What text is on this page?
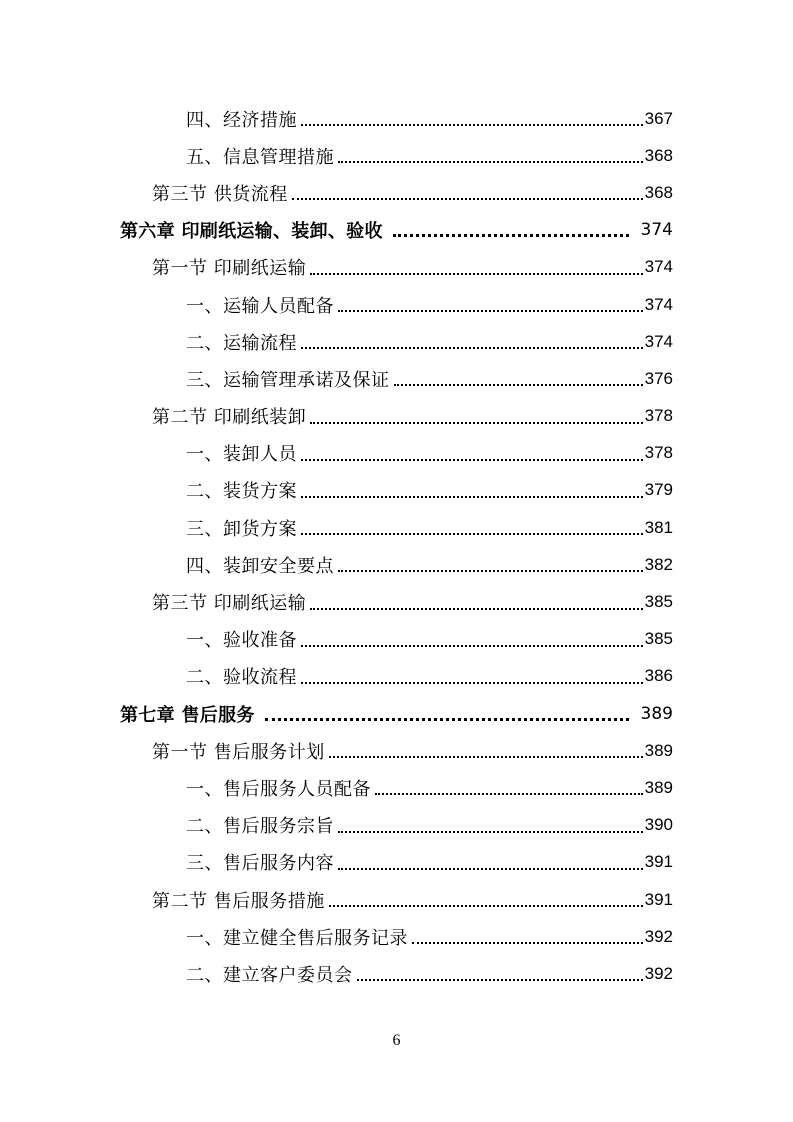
四、经济措施	367
五、信息管理措施	368
第三节 供货流程	368
第六章 印刷纸运输、装卸、验收	374
第一节 印刷纸运输	374
一、运输人员配备	374
二、运输流程	374
三、运输管理承诺及保证	376
第二节 印刷纸装卸	378
一、装卸人员	378
二、装货方案	379
三、卸货方案	381
四、装卸安全要点	382
第三节 印刷纸运输	385
一、验收准备	385
二、验收流程	386
第七章 售后服务	389
第一节 售后服务计划	389
一、售后服务人员配备	389
二、售后服务宗旨	390
三、售后服务内容	391
第二节 售后服务措施	391
一、建立健全售后服务记录	392
二、建立客户委员会	392
6
